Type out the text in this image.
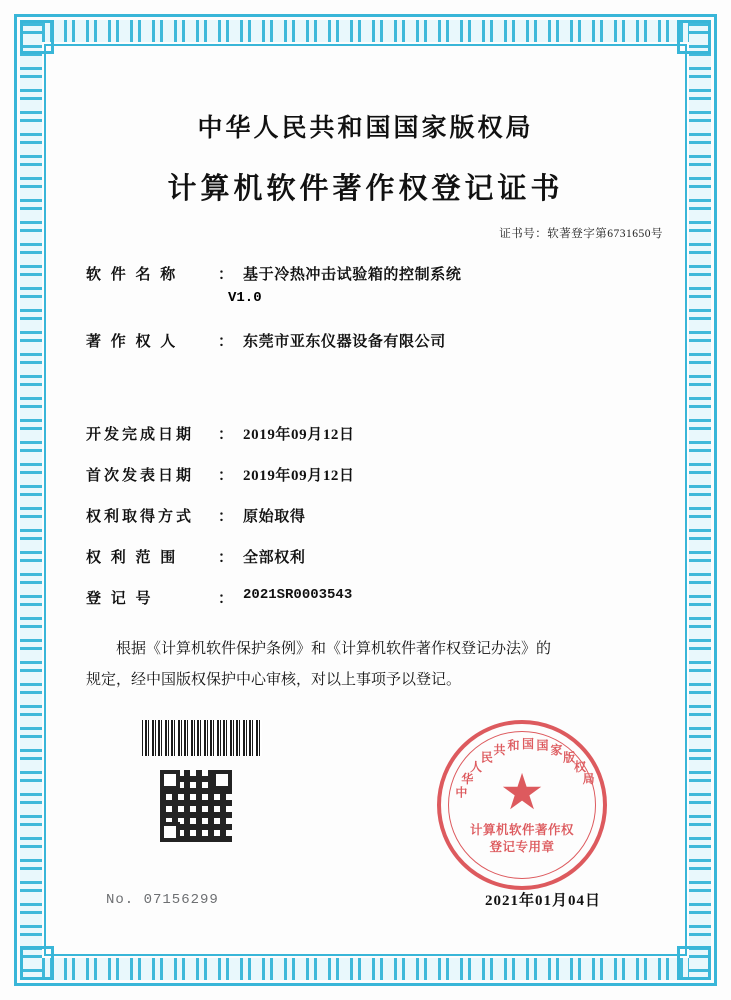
中华人民共和国国家版权局
计算机软件著作权登记证书
证书号：软著登字第6731650号
软 件 名 称	： 基于冷热冲击试验箱的控制系统
V1.0
著 作 权 人	： 东莞市亚东仪器设备有限公司
开发完成日期	： 2019年09月12日
首次发表日期	： 2019年09月12日
权利取得方式	： 原始取得
权 利 范 围	： 全部权利
登 记 号	： 2021SR0003543

根据《计算机软件保护条例》和《计算机软件著作权登记办法》的

规定，经中国版权保护中心审核，对以上事项予以登记。

No. 07156299
中
华
人
民
共 和 国 国 家
版
权
局
★
计算机软件著作权
登记专用章
2021年01月04日
